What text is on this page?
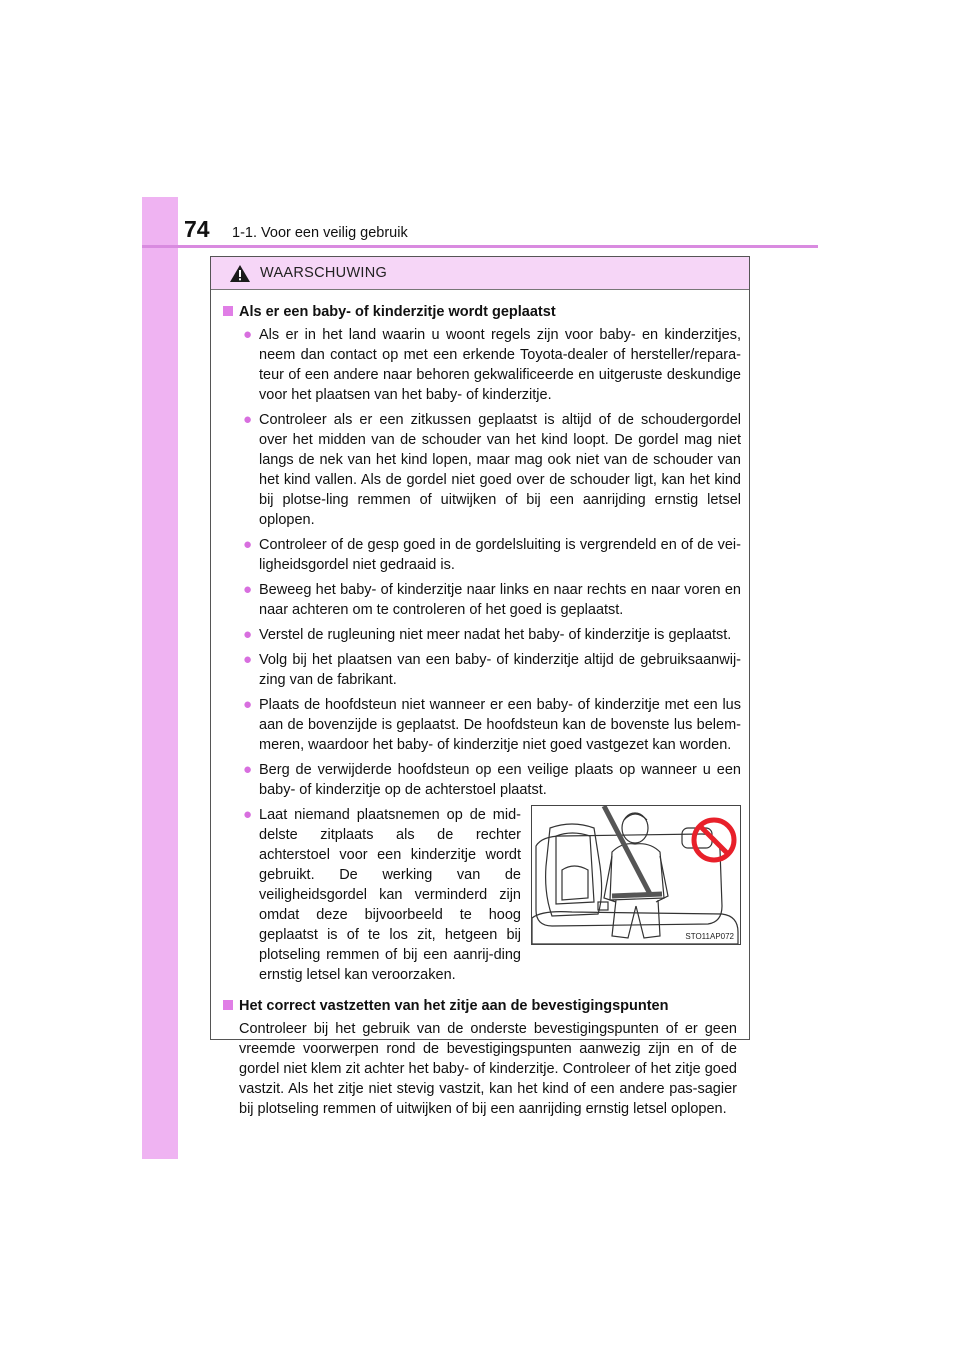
74 1-1. Voor een veilig gebruik
WAARSCHUWING
Als er een baby- of kinderzitje wordt geplaatst
● Als er in het land waarin u woont regels zijn voor baby- en kinderzitjes, neem dan contact op met een erkende Toyota-dealer of hersteller/repara-teur of een andere naar behoren gekwalificeerde en uitgeruste deskundige voor het plaatsen van het baby- of kinderzitje.
● Controleer als er een zitkussen geplaatst is altijd of de schoudergordel over het midden van de schouder van het kind loopt. De gordel mag niet langs de nek van het kind lopen, maar mag ook niet van de schouder van het kind vallen. Als de gordel niet goed over de schouder ligt, kan het kind bij plotse-ling remmen of uitwijken of bij een aanrijding ernstig letsel oplopen.
● Controleer of de gesp goed in de gordelsluiting is vergrendeld en of de vei-ligheidsgordel niet gedraaid is.
● Beweeg het baby- of kinderzitje naar links en naar rechts en naar voren en naar achteren om te controleren of het goed is geplaatst.
● Verstel de rugleuning niet meer nadat het baby- of kinderzitje is geplaatst.
● Volg bij het plaatsen van een baby- of kinderzitje altijd de gebruiksaanwij-zing van de fabrikant.
● Plaats de hoofdsteun niet wanneer er een baby- of kinderzitje met een lus aan de bovenzijde is geplaatst. De hoofdsteun kan de bovenste lus belem-meren, waardoor het baby- of kinderzitje niet goed vastgezet kan worden.
● Berg de verwijderde hoofdsteun op een veilige plaats op wanneer u een baby- of kinderzitje op de achterstoel plaatst.
● Laat niemand plaatsnemen op de mid-delste zitplaats als de rechter achterstoel voor een kinderzitje wordt gebruikt. De werking van de veiligheidsgordel kan verminderd zijn omdat deze bijvoorbeeld te hoog geplaatst is of te los zit, hetgeen bij plotseling remmen of bij een aanrij-ding ernstig letsel kan veroorzaken.
STO11AP072
Het correct vastzetten van het zitje aan de bevestigingspunten
Controleer bij het gebruik van de onderste bevestigingspunten of er geen vreemde voorwerpen rond de bevestigingspunten aanwezig zijn en of de gordel niet klem zit achter het baby- of kinderzitje. Controleer of het zitje goed vastzit. Als het zitje niet stevig vastzit, kan het kind of een andere pas-sagier bij plotseling remmen of uitwijken of bij een aanrijding ernstig letsel oplopen.
